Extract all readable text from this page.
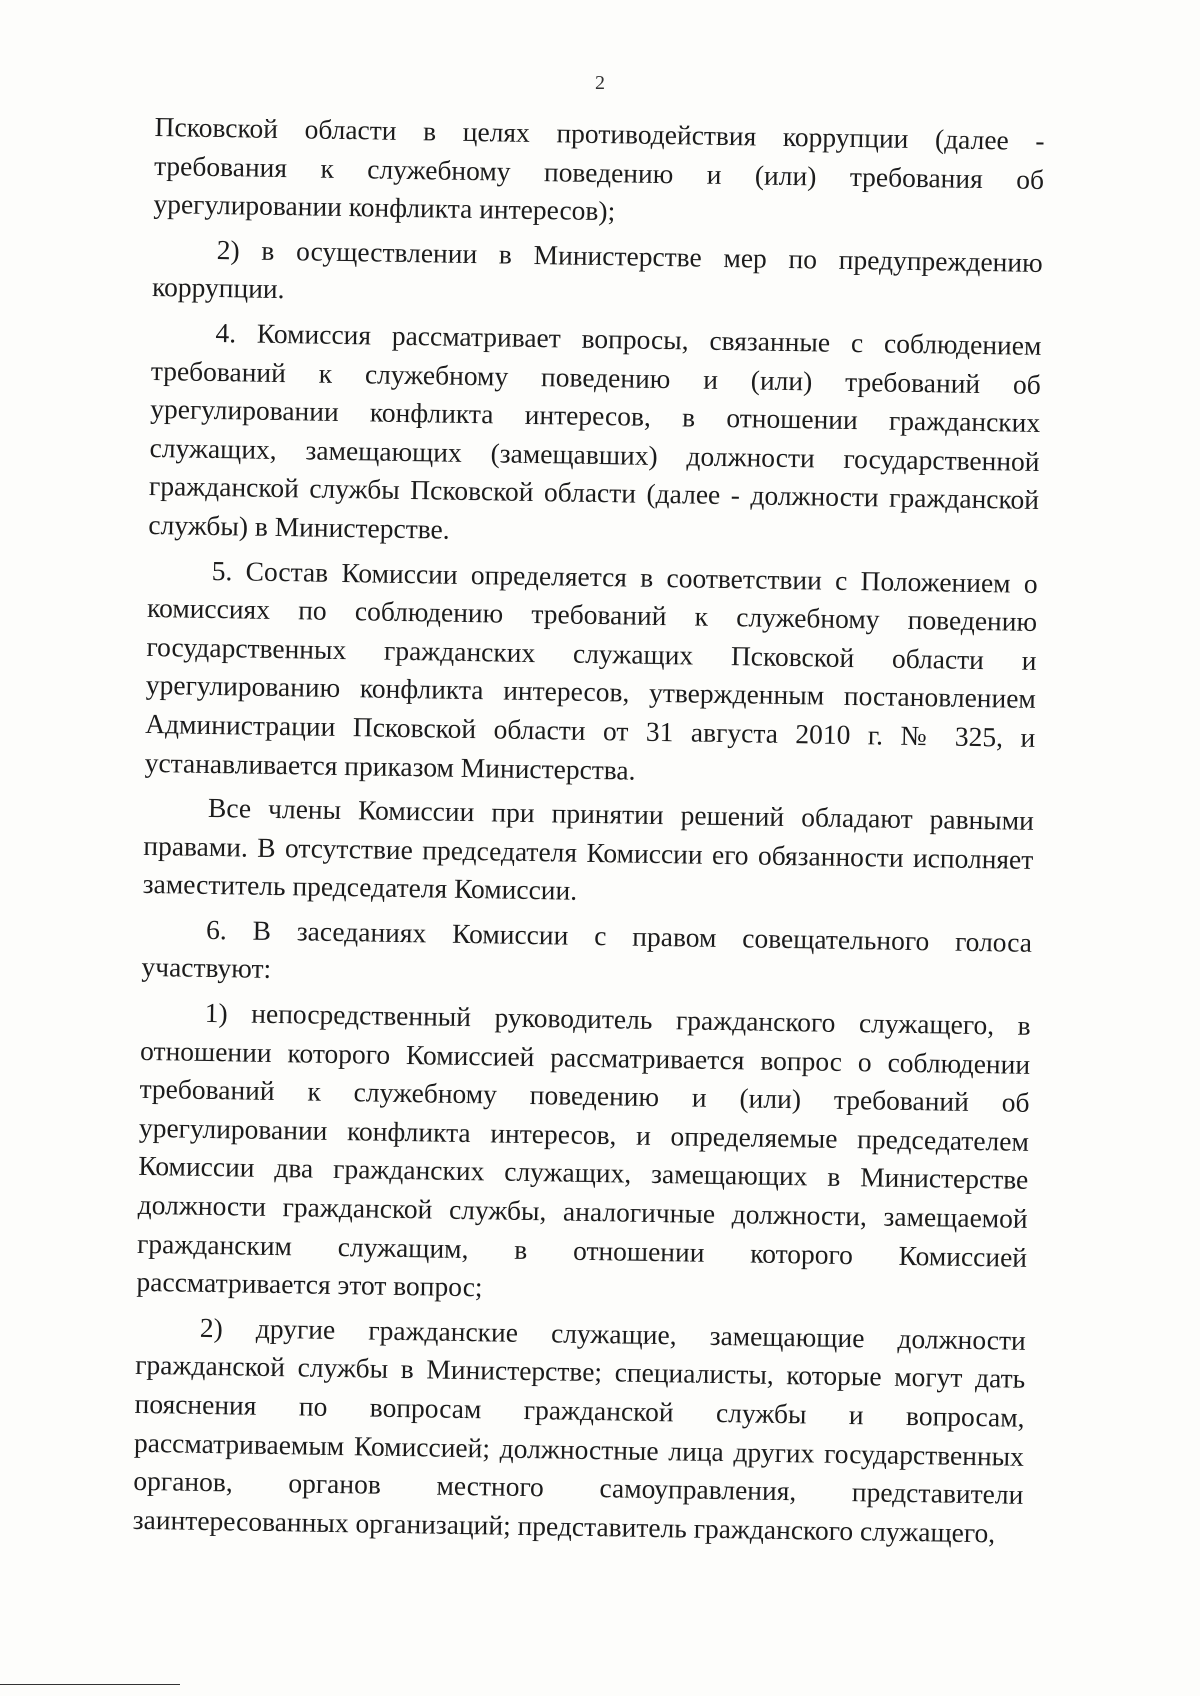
2

Псковской области в целях противодействия коррупции (далее - требования к служебному поведению и (или) требования об урегулировании конфликта интересов);

2) в осуществлении в Министерстве мер по предупреждению коррупции.

4. Комиссия рассматривает вопросы, связанные с соблюдением требований к служебному поведению и (или) требований об урегулировании конфликта интересов, в отношении гражданских служащих, замещающих (замещавших) должности государственной гражданской службы Псковской области (далее - должности гражданской службы) в Министерстве.

5. Состав Комиссии определяется в соответствии с Положением о комиссиях по соблюдению требований к служебному поведению государственных гражданских служащих Псковской области и урегулированию конфликта интересов, утвержденным постановлением Администрации Псковской области от 31 августа 2010 г. № 325, и устанавливается приказом Министерства.

Все члены Комиссии при принятии решений обладают равными правами. В отсутствие председателя Комиссии его обязанности исполняет заместитель председателя Комиссии.

6. В заседаниях Комиссии с правом совещательного голоса участвуют:

1) непосредственный руководитель гражданского служащего, в отношении которого Комиссией рассматривается вопрос о соблюдении требований к служебному поведению и (или) требований об урегулировании конфликта интересов, и определяемые председателем Комиссии два гражданских служащих, замещающих в Министерстве должности гражданской службы, аналогичные должности, замещаемой гражданским служащим, в отношении которого Комиссией рассматривается этот вопрос;

2) другие гражданские служащие, замещающие должности гражданской службы в Министерстве; специалисты, которые могут дать пояснения по вопросам гражданской службы и вопросам, рассматриваемым Комиссией; должностные лица других государственных органов, органов местного самоуправления, представители заинтересованных организаций; представитель гражданского служащего,
